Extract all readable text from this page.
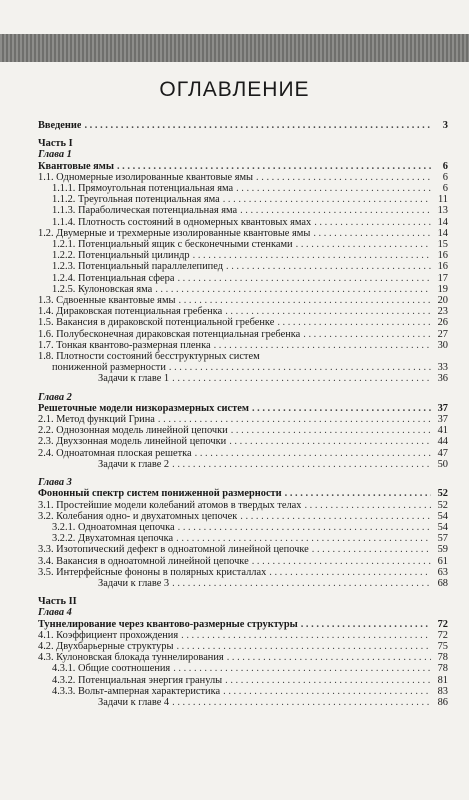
ОГЛАВЛЕНИЕ
Введение . . .	3
Часть I
Глава 1
Квантовые ямы . . .	6
1.1. Одномерные изолированные квантовые ямы . . .	6
1.1.1. Прямоугольная потенциальная яма . . .	6
1.1.2. Треугольная потенциальная яма . . .	11
1.1.3. Параболическая потенциальная яма . . .	13
1.1.4. Плотность состояний в одномерных квантовых ямах . . .	14
1.2. Двумерные и трехмерные изолированные квантовые ямы . . .	14
1.2.1. Потенциальный ящик с бесконечными стенками . . .	15
1.2.2. Потенциальный цилиндр . . .	16
1.2.3. Потенциальный параллелепипед . . .	16
1.2.4. Потенциальная сфера . . .	17
1.2.5. Кулоновская яма . . .	19
1.3. Сдвоенные квантовые ямы . . .	20
1.4. Дираковская потенциальная гребенка . . .	23
1.5. Вакансия в дираковской потенциальной гребенке . . .	26
1.6. Полубесконечная дираковская потенциальная гребенка . . .	27
1.7. Тонкая квантово-размерная пленка . . .	30
1.8. Плотности состояний бесструктурных систем
пониженной размерности . . .	33
Задачи к главе 1 . . .	36
Глава 2
Решеточные модели низкоразмерных систем . . .	37
2.1. Метод функций Грина . . .	37
2.2. Однозонная модель линейной цепочки . . .	41
2.3. Двухзонная модель линейной цепочки . . .	44
2.4. Одноатомная плоская решетка . . .	47
Задачи к главе 2 . . .	50
Глава 3
Фононный спектр систем пониженной размерности . . .	52
3.1. Простейшие модели колебаний атомов в твердых телах . . .	52
3.2. Колебания одно- и двухатомных цепочек . . .	54
3.2.1. Одноатомная цепочка . . .	54
3.2.2. Двухатомная цепочка . . .	57
3.3. Изотопический дефект в одноатомной линейной цепочке . . .	59
3.4. Вакансия в одноатомной линейной цепочке . . .	61
3.5. Интерфейсные фононы в полярных кристаллах . . .	63
Задачи к главе 3 . . .	68
Часть II
Глава 4
Туннелирование через квантово-размерные структуры . . .	72
4.1. Коэффициент прохождения . . .	72
4.2. Двухбарьерные структуры . . .	75
4.3. Кулоновская блокада туннелирования . . .	78
4.3.1. Общие соотношения . . .	78
4.3.2. Потенциальная энергия гранулы . . .	81
4.3.3. Вольт-амперная характеристика . . .	83
Задачи к главе 4 . . .	86
